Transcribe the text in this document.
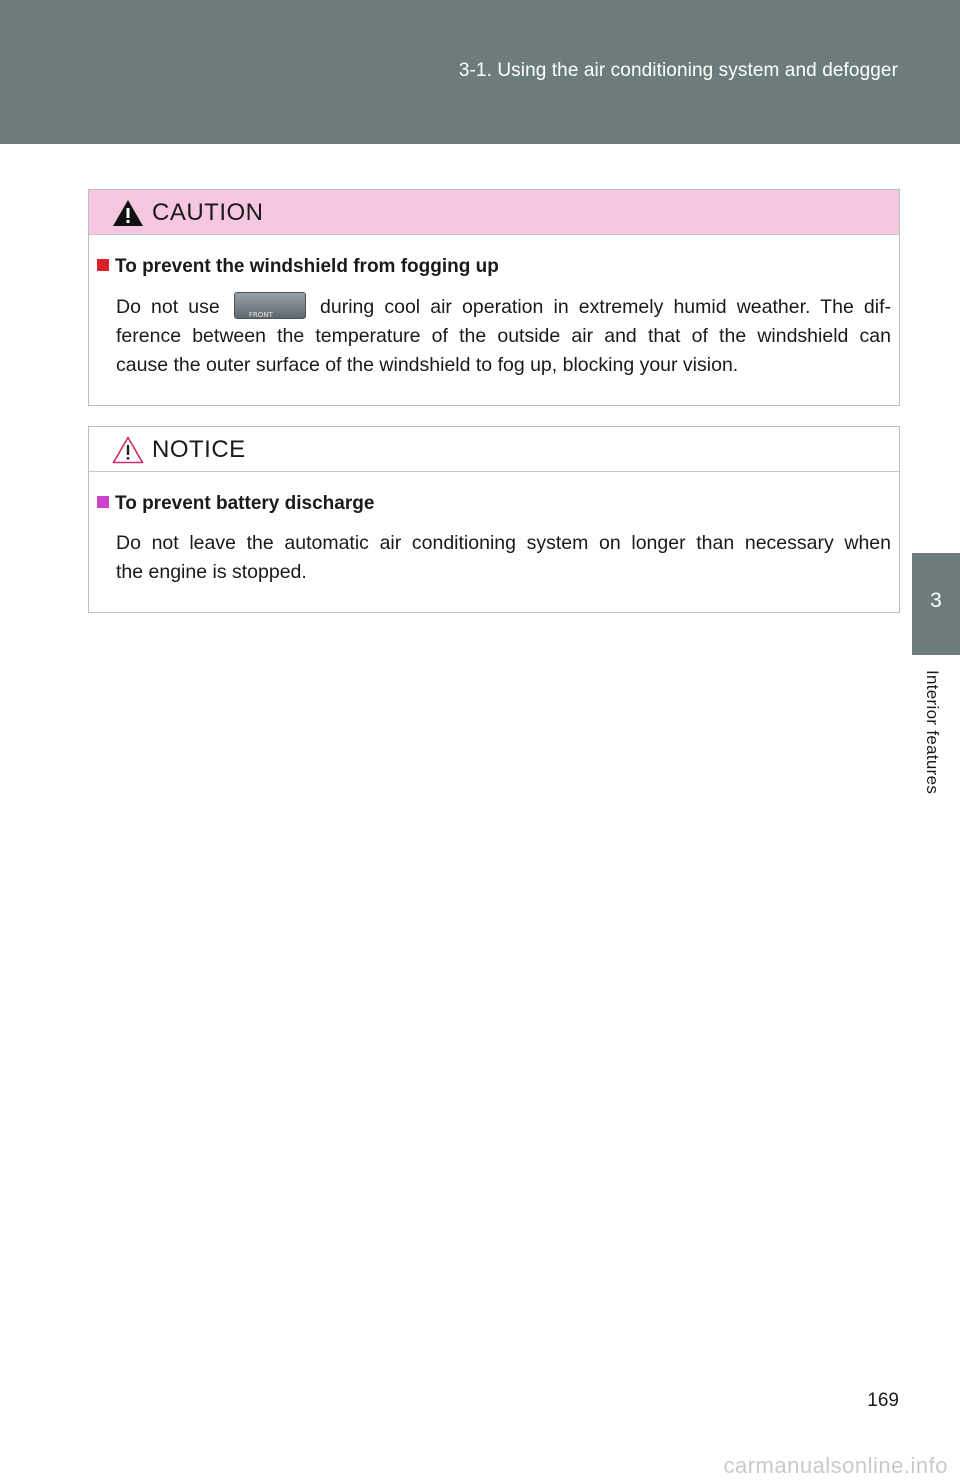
3-1. Using the air conditioning system and defogger
3
Interior features
CAUTION
To prevent the windshield from fogging up
Do not use	FRONT during cool air operation in extremely humid weather. The dif-
ference between the temperature of the outside air and that of the windshield can
cause the outer surface of the windshield to fog up, blocking your vision.
NOTICE
To prevent battery discharge
Do not leave the automatic air conditioning system on longer than necessary when
the engine is stopped.
169
carmanualsonline.info
